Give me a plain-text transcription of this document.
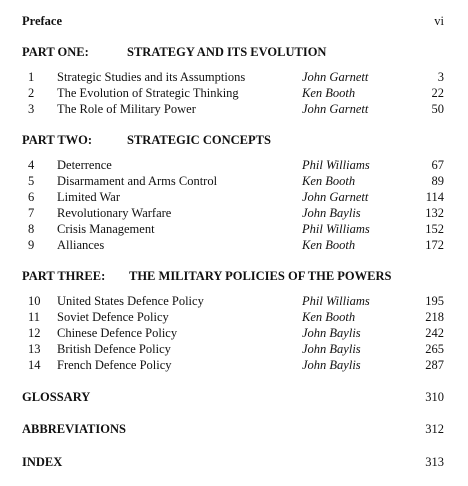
Preface	vi
PART ONE:	STRATEGY AND ITS EVOLUTION
1	Strategic Studies and its Assumptions	John Garnett	3
2	The Evolution of Strategic Thinking	Ken Booth	22
3	The Role of Military Power	John Garnett	50
PART TWO:	STRATEGIC CONCEPTS
4	Deterrence	Phil Williams	67
5	Disarmament and Arms Control	Ken Booth	89
6	Limited War	John Garnett	114
7	Revolutionary Warfare	John Baylis	132
8	Crisis Management	Phil Williams	152
9	Alliances	Ken Booth	172
PART THREE: THE MILITARY POLICIES OF THE POWERS
10	United States Defence Policy	Phil Williams	195
11	Soviet Defence Policy	Ken Booth	218
12	Chinese Defence Policy	John Baylis	242
13	British Defence Policy	John Baylis	265
14	French Defence Policy	John Baylis	287
GLOSSARY	310
ABBREVIATIONS	312
INDEX	313
